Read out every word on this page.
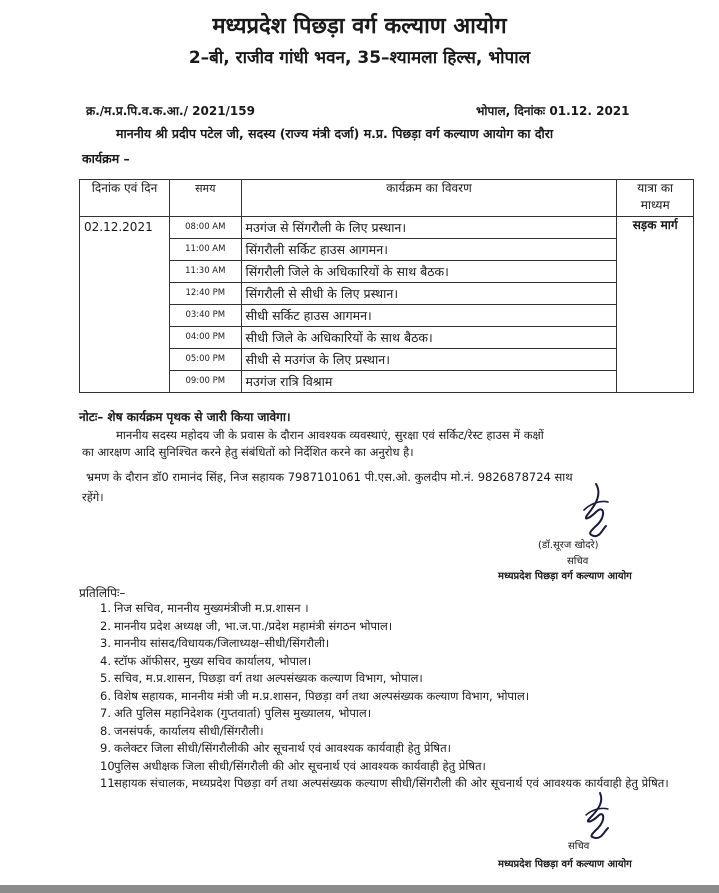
मध्यप्रदेश पिछड़ा वर्ग कल्याण आयोग
2–बी, राजीव गांधी भवन, 35–श्यामला हिल्स, भोपाल
क्र./म.प्र.पि.व.क.आ./ 2021/159	भोपाल, दिनांकः 01.12. 2021
माननीय श्री प्रदीप पटेल जी, सदस्य (राज्य मंत्री दर्जा) म.प्र. पिछड़ा वर्ग कल्याण आयोग का दौरा
कार्यक्रम –
दिनांक एवं दिन	समय	कार्यक्रम का विवरण	यात्रा का माध्यम
02.12.2021	08:00 AM	मउगंज से सिंगरौली के लिए प्रस्थान।	सड़क मार्ग
	11:00 AM	सिंगरौली सर्किट हाउस आगमन।	
	11:30 AM	सिंगरौली जिले के अधिकारियों के साथ बैठक।	
	12:40 PM	सिंगरौली से सीधी के लिए प्रस्थान।	
	03:40 PM	सीधी सर्किट हाउस आगमन।	
	04:00 PM	सीधी जिले के अधिकारियों के साथ बैठक।	
	05:00 PM	सीधी से मउगंज के लिए प्रस्थान।	
	09:00 PM	मउगंज रात्रि विश्राम	
नोटः– शेष कार्यक्रम पृथक से जारी किया जावेगा।
माननीय सदस्य महोदय जी के प्रवास के दौरान आवश्यक व्यवस्थाएं, सुरक्षा एवं सर्किट/रेस्ट हाउस में कक्षों
का आरक्षण आदि सुनिश्चित करने हेतु संबंधितों को निर्देशित करने का अनुरोध है।
भ्रमण के दौरान डॉ0 रामानंद सिंह, निज सहायक 7987101061 पी.एस.ओ. कुलदीप मो.नं. 9826878724 साथ
रहेंगे।
(डॉ.सूरज खोदरे)
सचिव
मध्यप्रदेश पिछड़ा वर्ग कल्याण आयोग
प्रतिलिपिः–
1. निज सचिव, माननीय मुख्यमंत्रीजी म.प्र.शासन ।
2. माननीय प्रदेश अध्यक्ष जी, भा.ज.पा./प्रदेश महामंत्री संगठन भोपाल।
3. माननीय सांसद/विधायक/जिलाध्यक्ष–सीधी/सिंगरौली।
4. स्टॉफ ऑफीसर, मुख्य सचिव कार्यालय, भोपाल।
5. सचिव, म.प्र.शासन, पिछड़ा वर्ग तथा अल्पसंख्यक कल्याण विभाग, भोपाल।
6. विशेष सहायक, माननीय मंत्री जी म.प्र.शासन, पिछड़ा वर्ग तथा अल्पसंख्यक कल्याण विभाग, भोपाल।
7. अति पुलिस महानिदेशक (गुप्तवार्ता) पुलिस मुख्यालय, भोपाल।
8. जनसंपर्क, कार्यालय सीधी/सिंगरौली।
9. कलेक्टर जिला सीधी/सिंगरौलीकी ओर सूचनार्थ एवं आवश्यक कार्यवाही हेतु प्रेषित।
10पुलिस अधीक्षक जिला सीधी/सिंगरौली की ओर सूचनार्थ एवं आवश्यक कार्यवाही हेतु प्रेषित।
11सहायक संचालक, मध्यप्रदेश पिछड़ा वर्ग तथा अल्पसंख्यक कल्याण सीधी/सिंगरौली की ओर सूचनार्थ एवं आवश्यक कार्यवाही हेतु प्रेषित।
सचिव
मध्यप्रदेश पिछड़ा वर्ग कल्याण आयोग
